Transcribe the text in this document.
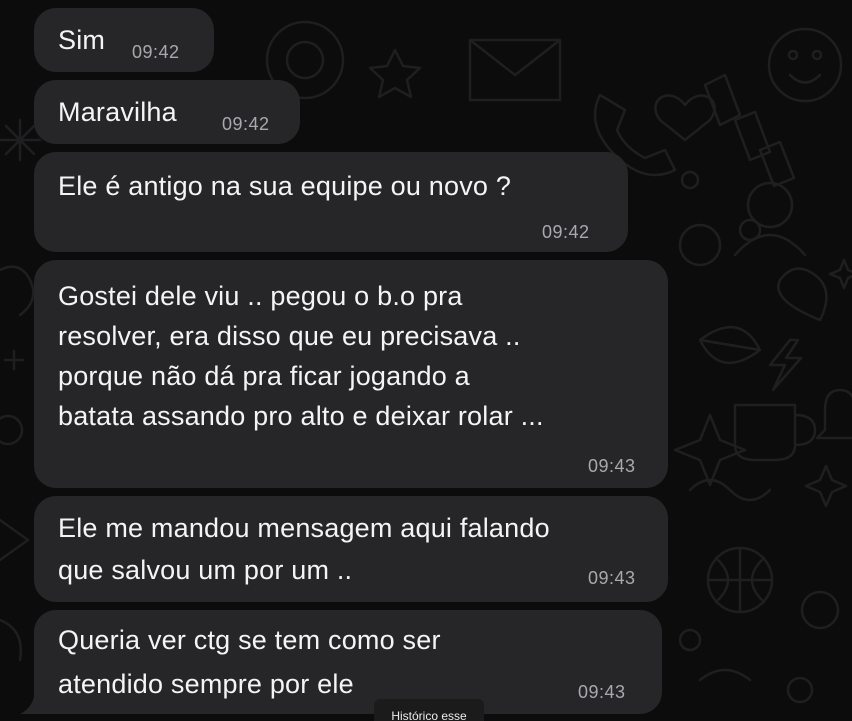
Sim 09:42
Maravilha	09:42
Ele é antigo na sua equipe ou novo ?
09:42
Gostei dele viu .. pegou o b.o pra
resolver, era disso que eu precisava ..
porque não dá pra ficar jogando a
batata assando pro alto e deixar rolar ...
09:43
Ele me mandou mensagem aqui falando
que salvou um por um ..	09:43
Queria ver ctg se tem como ser
atendido sempre por ele	09:43
Histórico esse
